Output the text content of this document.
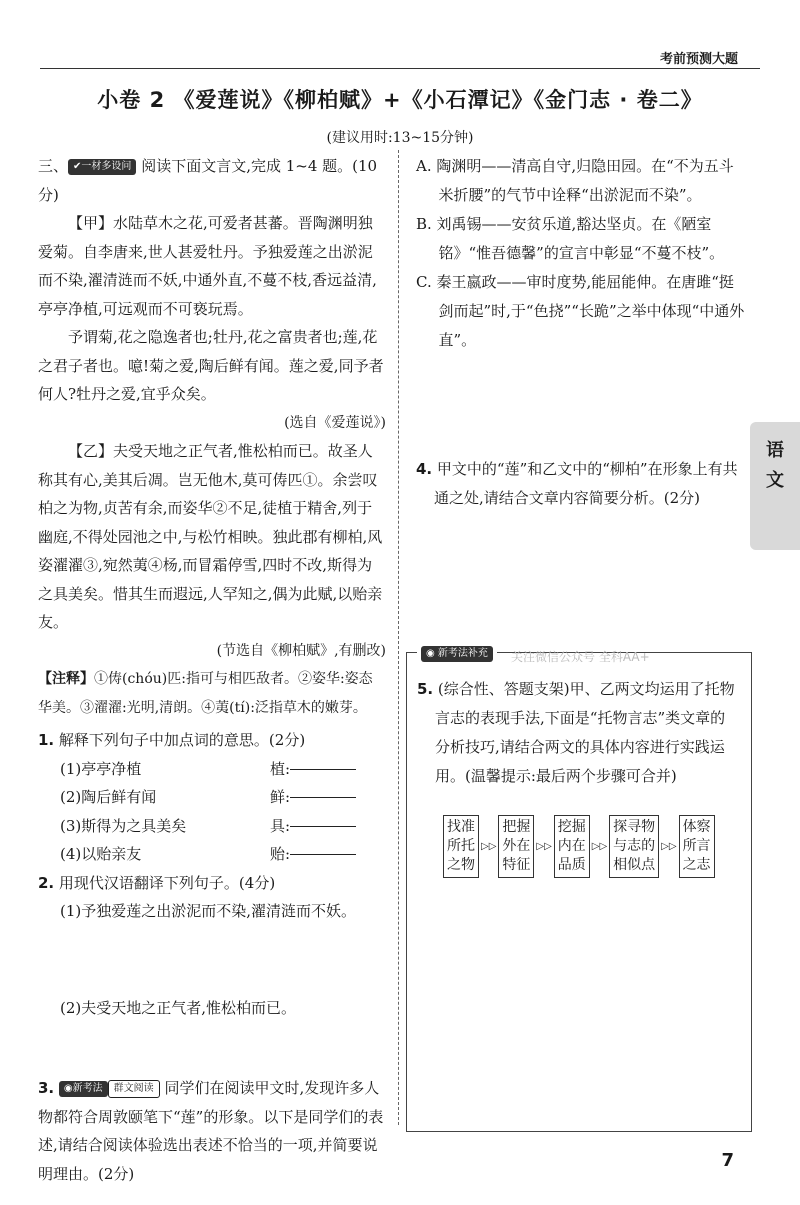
考前预测大题
小卷 2 《爱莲说》《柳柏赋》+《小石潭记》《金门志 · 卷二》
(建议用时:13~15分钟)

三、 ✔一材多设问 阅读下面文言文,完成 1~4 题。(10分)

【甲】水陆草木之花,可爱者甚蕃。晋陶渊明独爱菊。自李唐来,世人甚爱牡丹。予独爱莲之出淤泥而不染,濯清涟而不妖,中通外直,不蔓不枝,香远益清,亭亭净植,可远观而不可亵玩焉。

予谓菊,花之隐逸者也;牡丹,花之富贵者也;莲,花之君子者也。噫!菊之爱,陶后鲜有闻。莲之爱,同予者何人?牡丹之爱,宜乎众矣。

(选自《爱莲说》)

【乙】夫受天地之正气者,惟松柏而已。故圣人称其有心,美其后凋。岂无他木,莫可俦匹①。余尝叹柏之为物,贞苦有余,而姿华②不足,徒植于精舍,列于幽庭,不得处园池之中,与松竹相映。独此郡有柳柏,风姿濯濯③,宛然荑④杨,而冒霜停雪,四时不改,斯得为之具美矣。惜其生而遐远,人罕知之,偶为此赋,以贻亲友。

(节选自《柳柏赋》,有删改)

【注释】①俦(chóu)匹:指可与相匹敌者。②姿华:姿态华美。③濯濯:光明,清朗。④荑(tí):泛指草木的嫩芽。

1. 解释下列句子中加点词的意思。(2分)

(1)亭亭净植	植:
(2)陶后鲜有闻	鲜:
(3)斯得为之具美矣	具:
(4)以贻亲友	贻:

2. 用现代汉语翻译下列句子。(4分)

(1)予独爱莲之出淤泥而不染,濯清涟而不妖。

(2)夫受天地之正气者,惟松柏而已。

3. ◉新考法 群文阅读 同学们在阅读甲文时,发现许多人物都符合周敦颐笔下“莲”的形象。以下是同学们的表述,请结合阅读体验选出表述不恰当的一项,并简要说明理由。(2分)

A. 陶渊明——清高自守,归隐田园。在“不为五斗米折腰”的气节中诠释“出淤泥而不染”。

B. 刘禹锡——安贫乐道,豁达坚贞。在《陋室铭》“惟吾德馨”的宣言中彰显“不蔓不枝”。

C. 秦王嬴政——审时度势,能屈能伸。在唐雎“挺剑而起”时,于“色挠”“长跪”之举中体现“中通外直”。

4. 甲文中的“莲”和乙文中的“柳柏”在形象上有共通之处,请结合文章内容简要分析。(2分)

语
文
◉ 新考法补充	关注微信公众号 全科AA+

5. (综合性、答题支架)甲、乙两文均运用了托物言志的表现手法,下面是“托物言志”类文章的分析技巧,请结合两文的具体内容进行实践运用。(温馨提示:最后两个步骤可合并)

找准
所托
之物
▷▷
把握
外在
特征
▷▷
挖掘
内在
品质
▷▷
探寻物
与志的
相似点
▷▷
体察
所言
之志
7
